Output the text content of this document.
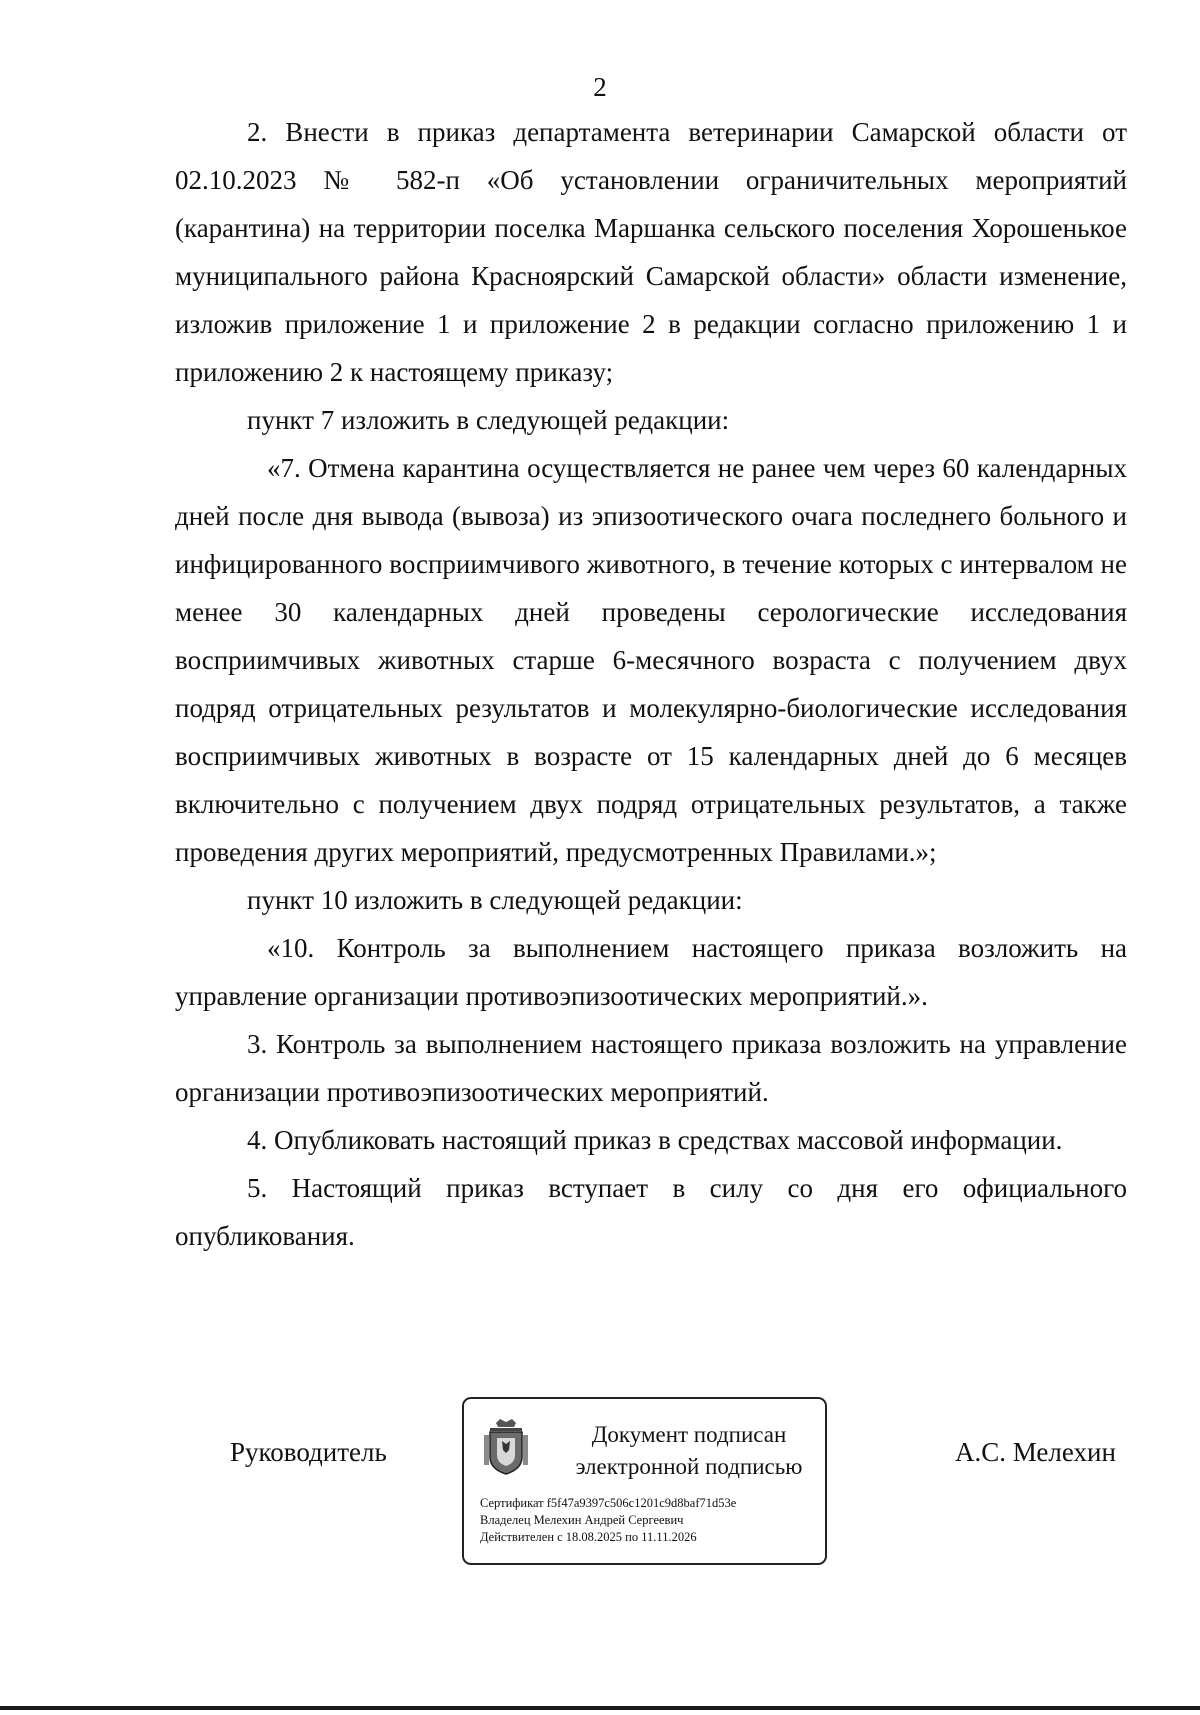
2

2. Внести в приказ департамента ветеринарии Самарской области от 02.10.2023 № 582-п «Об установлении ограничительных мероприятий (карантина) на территории поселка Маршанка сельского поселения Хорошенькое муниципального района Красноярский Самарской области» области изменение, изложив приложение 1 и приложение 2 в редакции согласно приложению 1 и приложению 2 к настоящему приказу;

пункт 7 изложить в следующей редакции:

«7. Отмена карантина осуществляется не ранее чем через 60 календарных дней после дня вывода (вывоза) из эпизоотического очага последнего больного и инфицированного восприимчивого животного, в течение которых с интервалом не менее 30 календарных дней проведены серологические исследования восприимчивых животных старше 6-месячного возраста с получением двух подряд отрицательных результатов и молекулярно-биологические исследования восприимчивых животных в возрасте от 15 календарных дней до 6 месяцев включительно с получением двух подряд отрицательных результатов, а также проведения других мероприятий, предусмотренных Правилами.»;

пункт 10 изложить в следующей редакции:

«10. Контроль за выполнением настоящего приказа возложить на управление организации противоэпизоотических мероприятий.».

3. Контроль за выполнением настоящего приказа возложить на управление организации противоэпизоотических мероприятий.

4. Опубликовать настоящий приказ в средствах массовой информации.

5. Настоящий приказ вступает в силу со дня его официального опубликования.

Руководитель
Документ подписан
электронной подписью
Сертификат f5f47a9397c506c1201c9d8baf71d53e
Владелец Мелехин Андрей Сергеевич
Действителен с 18.08.2025 по 11.11.2026
А.С. Мелехин
